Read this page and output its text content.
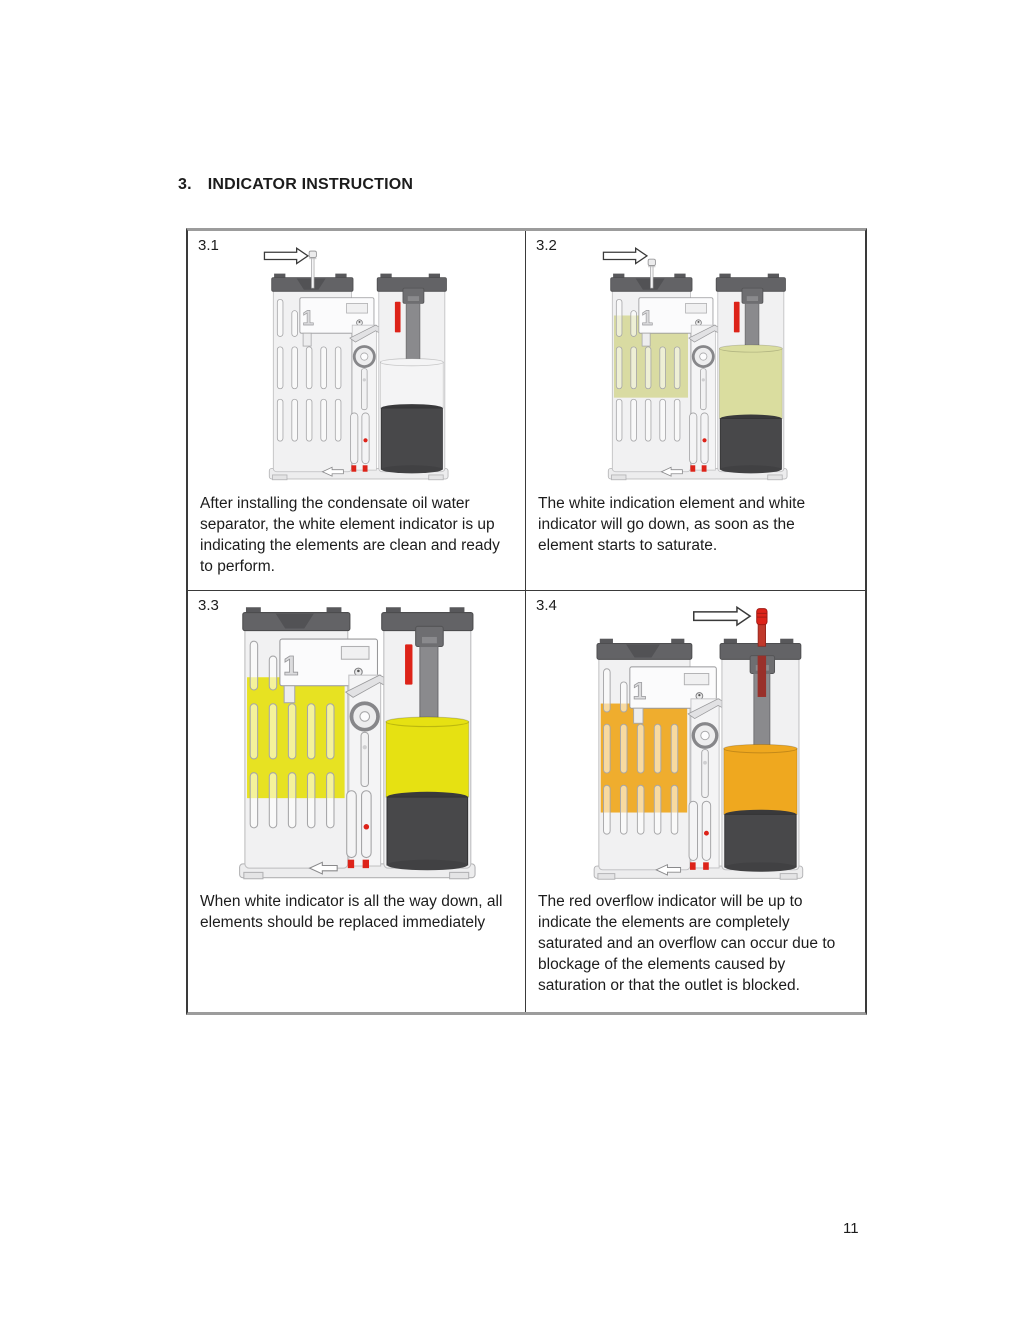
3. INDICATOR INSTRUCTION
3.1
1

After installing the condensate oil water separator, the white element indicator is up indicating the elements are clean and ready to perform.

3.2
1

The white indication element and white indicator will go down, as soon as the element starts to saturate.

3.3
1

When white indicator is all the way down, all elements should be replaced immediately

3.4
1

The red overflow indicator will be up to indicate the elements are completely saturated and an overflow can occur due to blockage of the elements caused by saturation or that the outlet is blocked.

11
